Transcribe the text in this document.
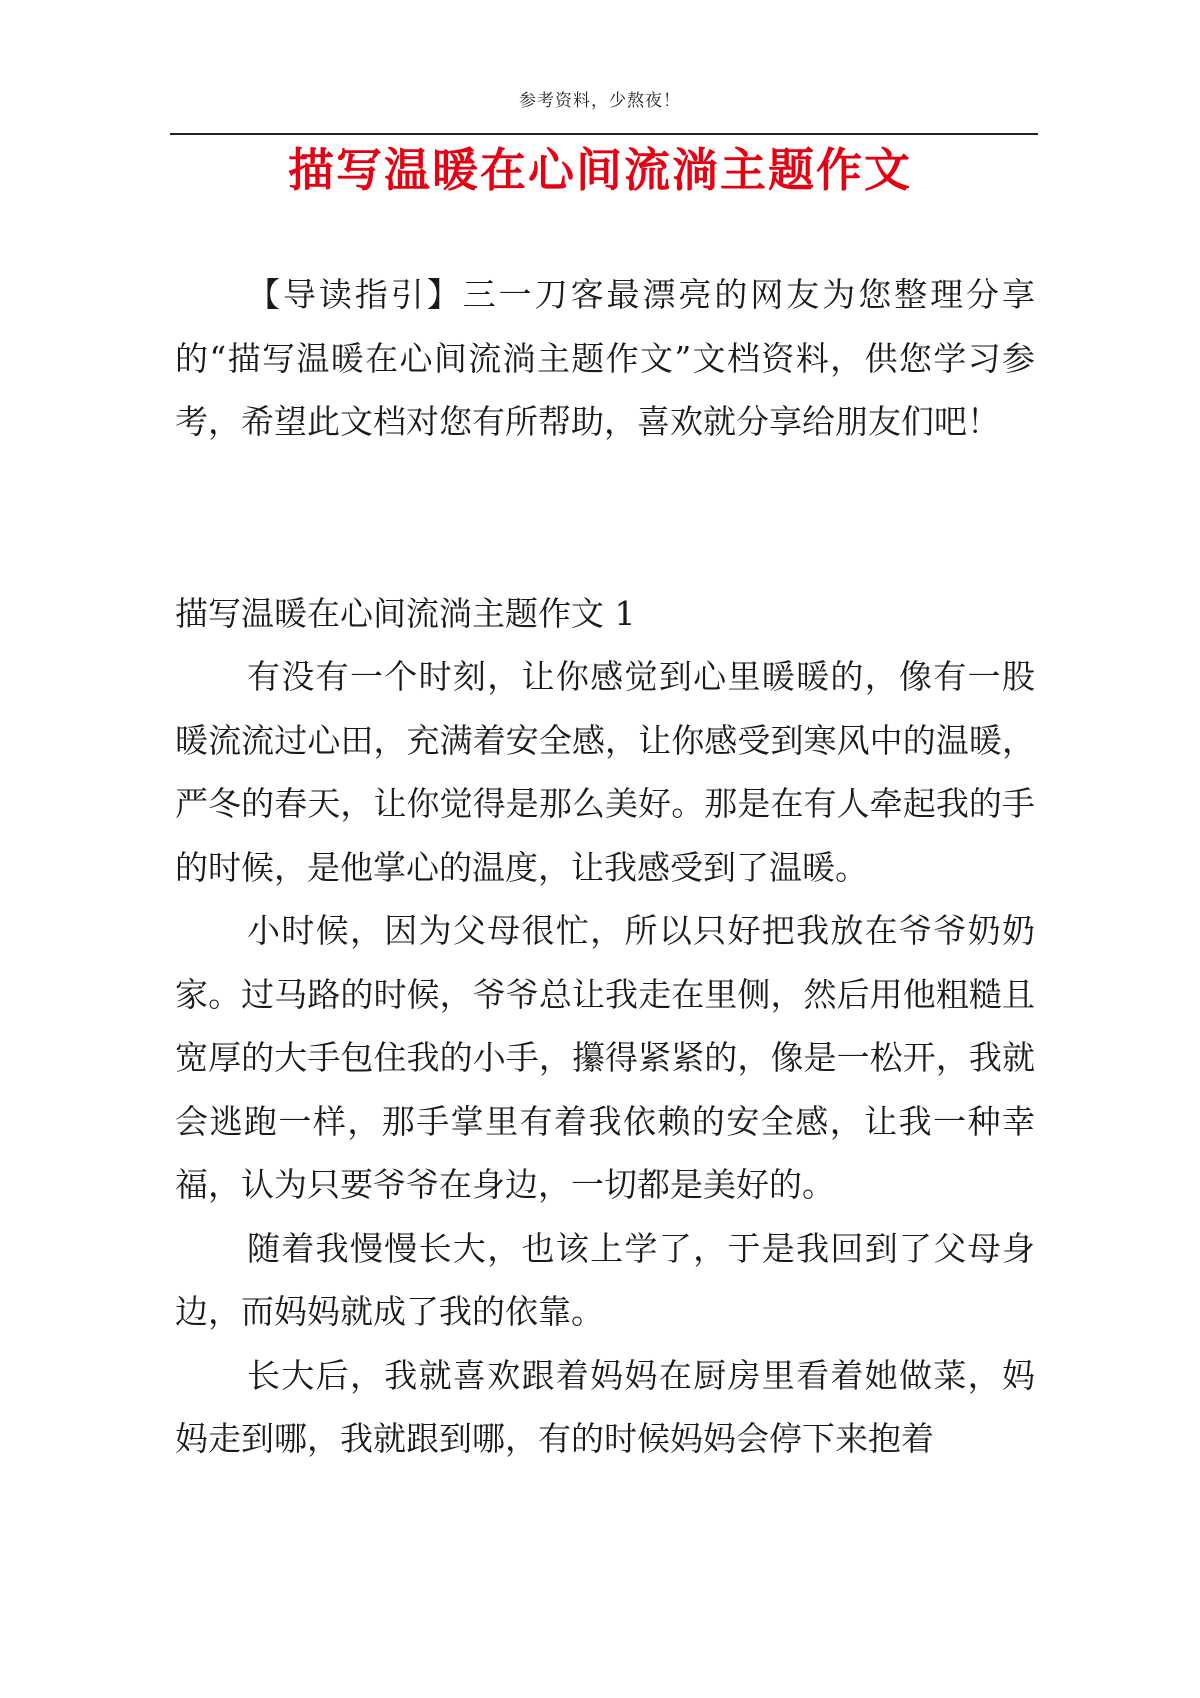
参考资料，少熬夜！
描写温暖在心间流淌主题作文

【导读指引】三一刀客最漂亮的网友为您整理分享的“描写温暖在心间流淌主题作文”文档资料，供您学习参考，希望此文档对您有所帮助，喜欢就分享给朋友们吧！

描写温暖在心间流淌主题作文 1

有没有一个时刻，让你感觉到心里暖暖的，像有一股暖流流过心田，充满着安全感，让你感受到寒风中的温暖，严冬的春天，让你觉得是那么美好。那是在有人牵起我的手的时候，是他掌心的温度，让我感受到了温暖。

小时候，因为父母很忙，所以只好把我放在爷爷奶奶家。过马路的时候，爷爷总让我走在里侧，然后用他粗糙且宽厚的大手包住我的小手，攥得紧紧的，像是一松开，我就会逃跑一样，那手掌里有着我依赖的安全感，让我一种幸福，认为只要爷爷在身边，一切都是美好的。

随着我慢慢长大，也该上学了，于是我回到了父母身边，而妈妈就成了我的依靠。

长大后，我就喜欢跟着妈妈在厨房里看着她做菜，妈妈走到哪，我就跟到哪，有的时候妈妈会停下来抱着
